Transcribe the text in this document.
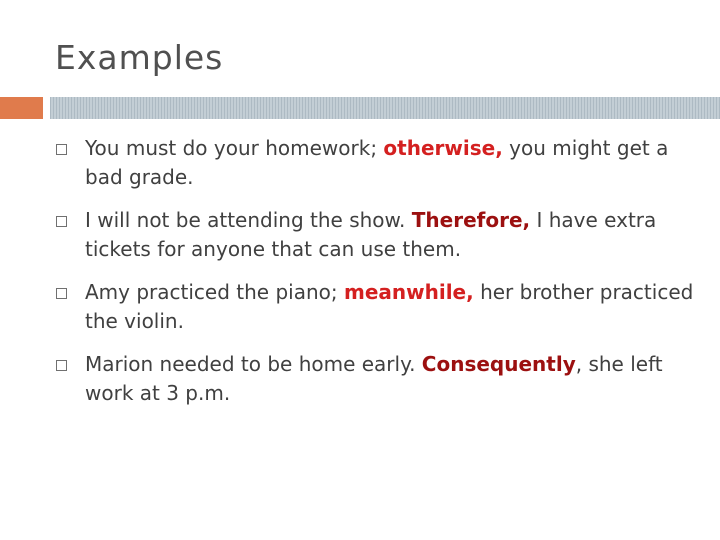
Examples
You must do your homework; otherwise, you might get a bad grade.
I will not be attending the show. Therefore, I have extra tickets for anyone that can use them.
Amy practiced the piano; meanwhile, her brother practiced the violin.
Marion needed to be home early. Consequently, she left work at 3 p.m.
